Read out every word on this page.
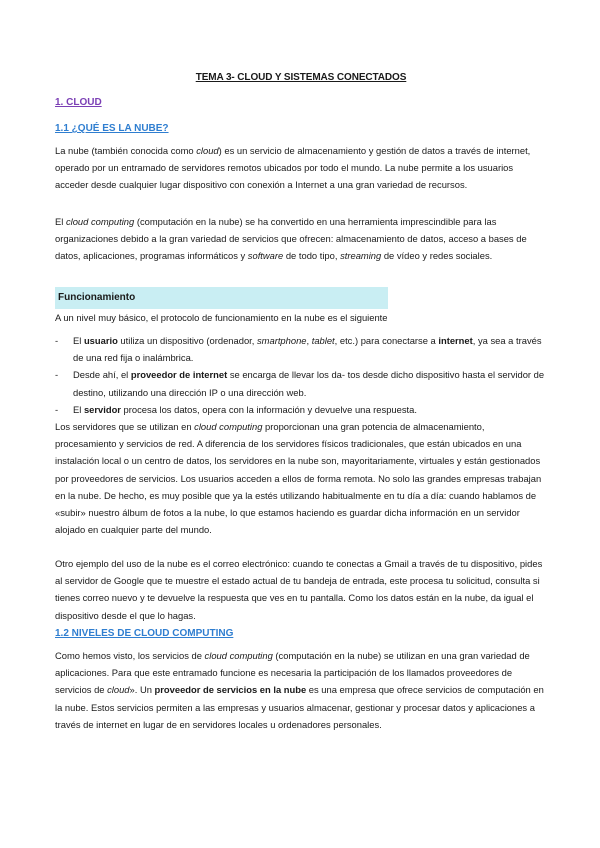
TEMA 3- CLOUD Y SISTEMAS CONECTADOS
1. CLOUD
1.1 ¿QUÉ ES LA NUBE?

La nube (también conocida como cloud) es un servicio de almacenamiento y gestión de datos a través de internet, operado por un entramado de servidores remotos ubicados por todo el mundo. La nube permite a los usuarios acceder desde cualquier lugar dispositivo con conexión a Internet a una gran variedad de recursos.

El cloud computing (computación en la nube) se ha convertido en una herramienta imprescindible para las organizaciones debido a la gran variedad de servicios que ofrecen: almacenamiento de datos, acceso a bases de datos, aplicaciones, programas informáticos y software de todo tipo, streaming de vídeo y redes sociales.

Funcionamiento

A un nivel muy básico, el protocolo de funcionamiento en la nube es el siguiente

- El usuario utiliza un dispositivo (ordenador, smartphone, tablet, etc.) para conectarse a internet, ya sea a través de una red fija o inalámbrica.
- Desde ahí, el proveedor de internet se encarga de llevar los da- tos desde dicho dispositivo hasta el servidor de destino, utilizando una dirección IP o una dirección web.
- El servidor procesa los datos, opera con la información y devuelve una respuesta.

Los servidores que se utilizan en cloud computing proporcionan una gran potencia de almacenamiento, procesamiento y servicios de red. A diferencia de los servidores físicos tradicionales, que están ubicados en una instalación local o un centro de datos, los servidores en la nube son, mayoritariamente, virtuales y están gestionados por proveedores de servicios. Los usuarios acceden a ellos de forma remota. No solo las grandes empresas trabajan en la nube. De hecho, es muy posible que ya la estés utilizando habitualmente en tu día a día: cuando hablamos de «subir» nuestro álbum de fotos a la nube, lo que estamos haciendo es guardar dicha información en un servidor alojado en cualquier parte del mundo.

Otro ejemplo del uso de la nube es el correo electrónico: cuando te conectas a Gmail a través de tu dispositivo, pides al servidor de Google que te muestre el estado actual de tu bandeja de entrada, este procesa tu solicitud, consulta si tienes correo nuevo y te devuelve la respuesta que ves en tu pantalla. Como los datos están en la nube, da igual el dispositivo desde el que lo hagas.

1.2 NIVELES DE CLOUD COMPUTING

Como hemos visto, los servicios de cloud computing (computación en la nube) se utilizan en una gran variedad de aplicaciones. Para que este entramado funcione es necesaria la participación de los llamados proveedores de servicios de cloud». Un proveedor de servicios en la nube es una empresa que ofrece servicios de computación en la nube. Estos servicios permiten a las empresas y usuarios almacenar, gestionar y procesar datos y aplicaciones a través de internet en lugar de en servidores locales u ordenadores personales.
